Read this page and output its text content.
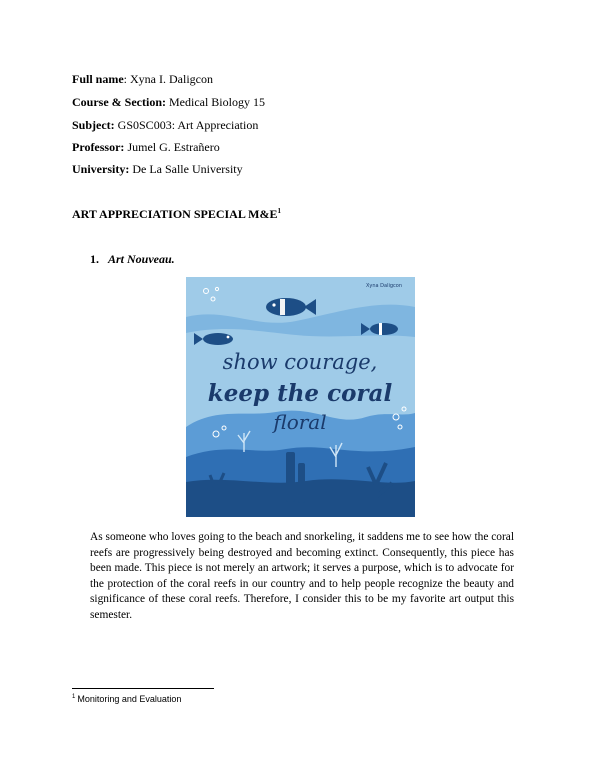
Full name: Xyna I. Daligcon
Course & Section: Medical Biology 15
Subject: GS0SC003: Art Appreciation
Professor: Jumel G. Estrañero
University: De La Salle University
ART APPRECIATION SPECIAL $M\&E^1$
1. Art Nouveau.
show courage,
keep the coral
floral
Xyna Daligcon
As someone who loves going to the beach and snorkeling, it saddens me to see how the coral reefs are progressively being destroyed and becoming extinct. Consequently, this piece has been made. This piece is not merely an artwork; it serves a purpose, which is to advocate for the protection of the coral reefs in our country and to help people recognize the beauty and significance of these coral reefs. Therefore, I consider this to be my favorite art output this semester.
$^1$ Monitoring and Evaluation
